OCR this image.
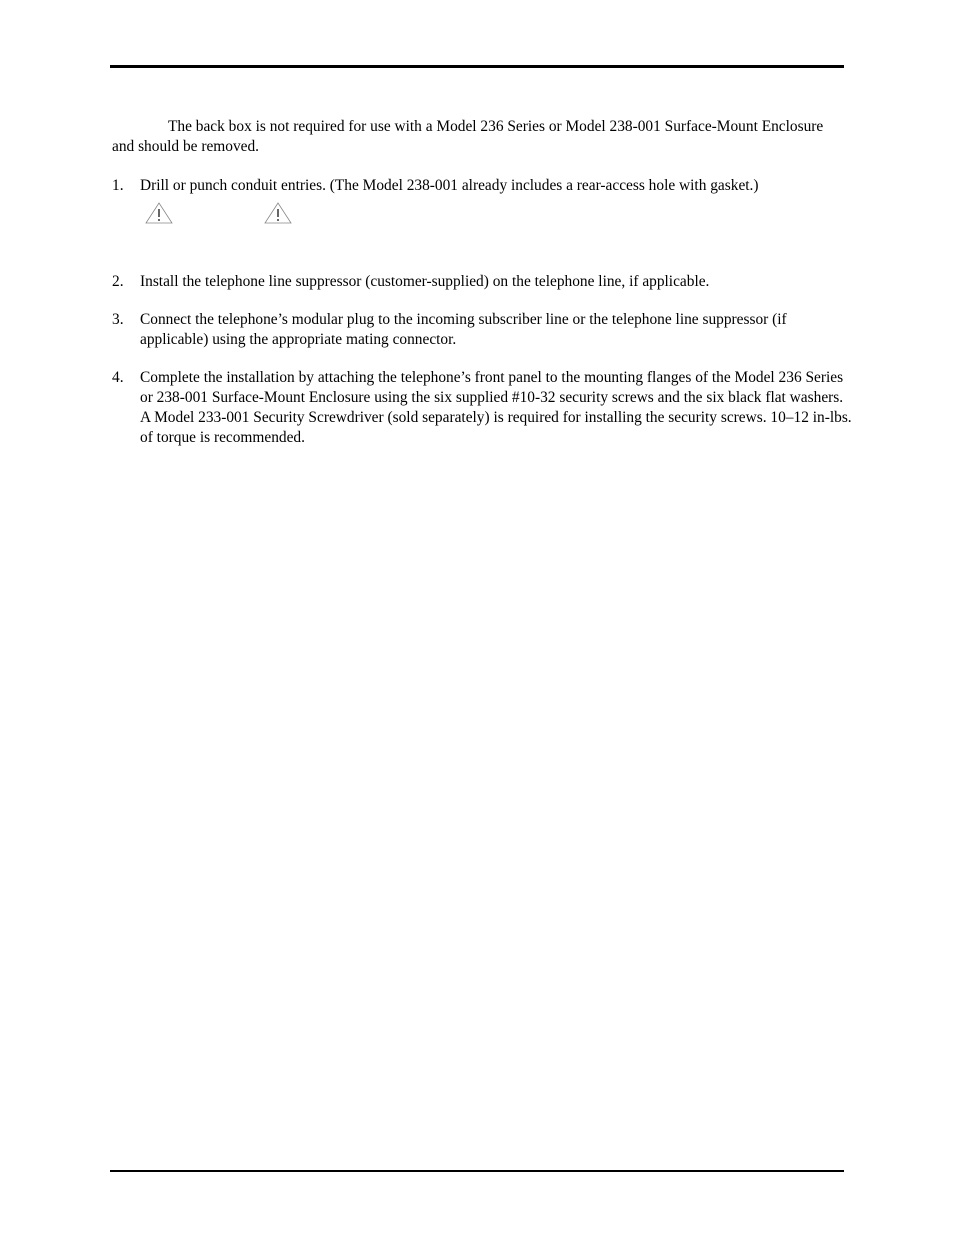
The back box is not required for use with a Model 236 Series or Model 238-001 Surface-Mount Enclosure and should be removed.

1. Drill or punch conduit entries. (The Model 238-001 already includes a rear-access hole with gasket.)
2. Install the telephone line suppressor (customer-supplied) on the telephone line, if applicable.
3. Connect the telephone’s modular plug to the incoming subscriber line or the telephone line suppressor (if applicable) using the appropriate mating connector.
4. Complete the installation by attaching the telephone’s front panel to the mounting flanges of the Model 236 Series or 238-001 Surface-Mount Enclosure using the six supplied #10-32 security screws and the six black flat washers. A Model 233-001 Security Screwdriver (sold separately) is required for installing the security screws. 10–12 in-lbs. of torque is recommended.
